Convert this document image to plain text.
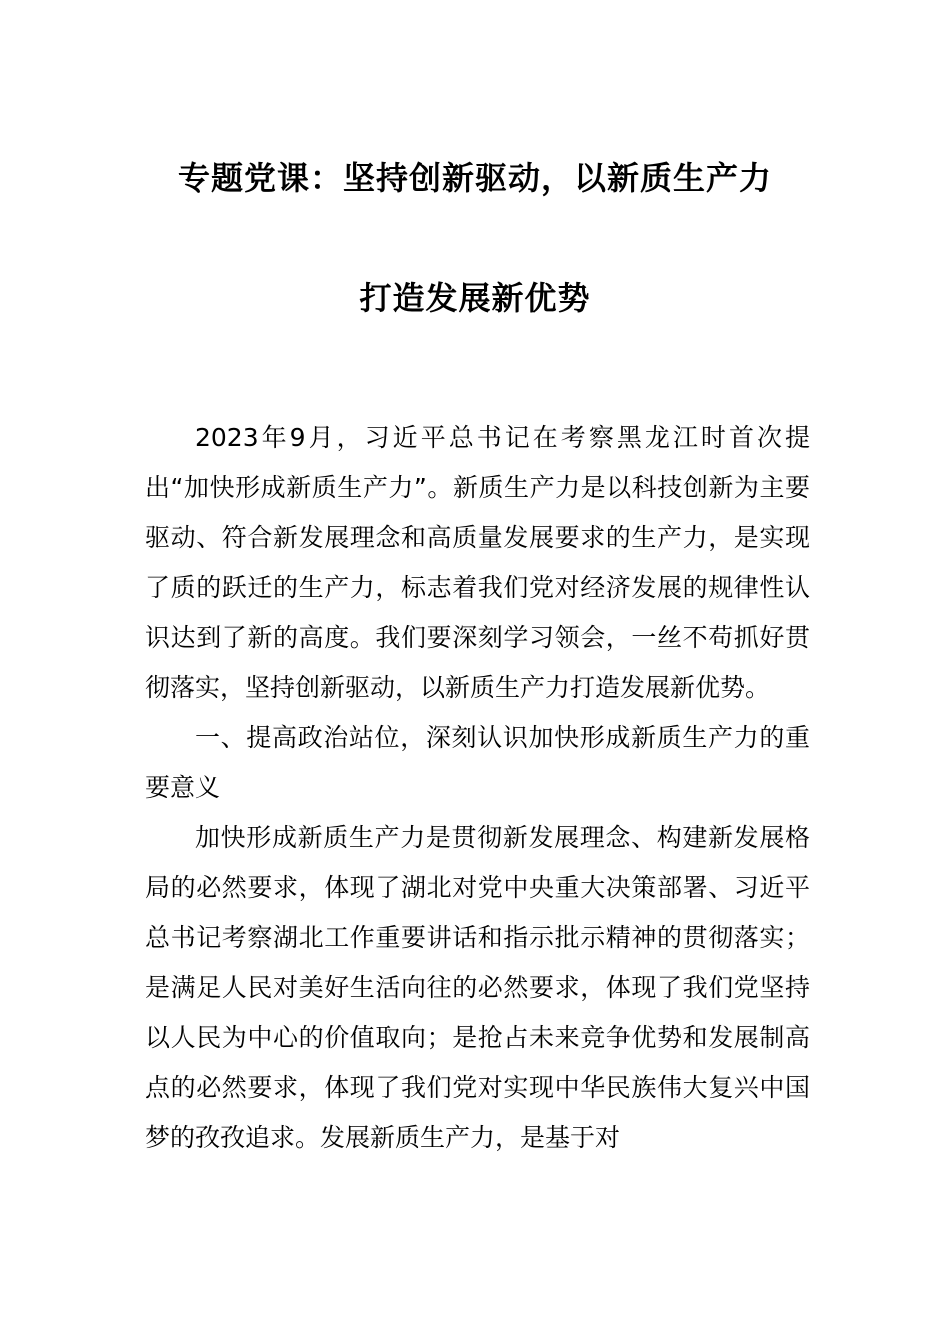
专题党课：坚持创新驱动，以新质生产力
打造发展新优势

2023年9月，习近平总书记在考察黑龙江时首次提出“加快形成新质生产力”。新质生产力是以科技创新为主要驱动、符合新发展理念和高质量发展要求的生产力，是实现了质的跃迁的生产力，标志着我们党对经济发展的规律性认识达到了新的高度。我们要深刻学习领会，一丝不苟抓好贯彻落实，坚持创新驱动，以新质生产力打造发展新优势。

一、提高政治站位，深刻认识加快形成新质生产力的重要意义

加快形成新质生产力是贯彻新发展理念、构建新发展格局的必然要求，体现了湖北对党中央重大决策部署、习近平总书记考察湖北工作重要讲话和指示批示精神的贯彻落实；是满足人民对美好生活向往的必然要求，体现了我们党坚持以人民为中心的价值取向；是抢占未来竞争优势和发展制高点的必然要求，体现了我们党对实现中华民族伟大复兴中国梦的孜孜追求。发展新质生产力，是基于对
